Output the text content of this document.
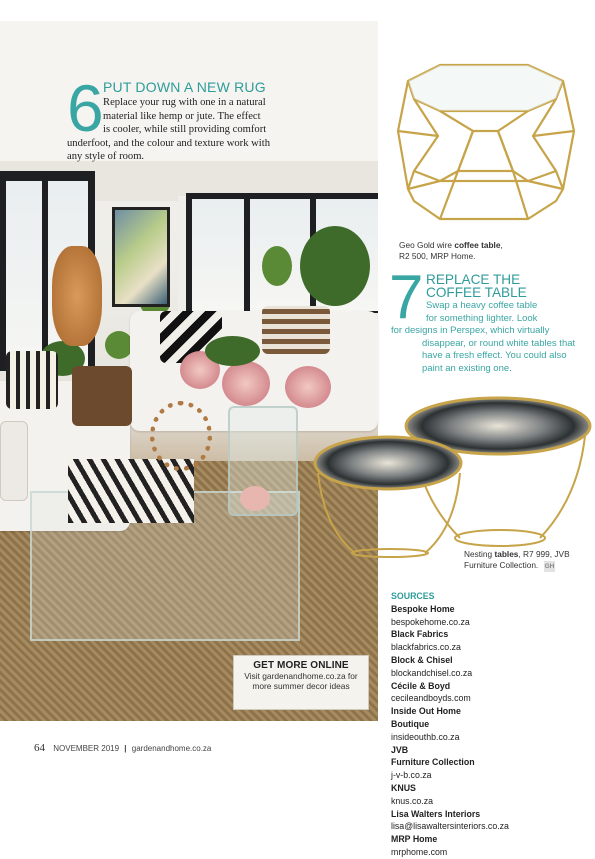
6 PUT DOWN A NEW RUG
Replace your rug with one in a natural
material like hemp or jute. The effect
is cooler, while still providing comfort
underfoot, and the colour and texture work with
any style of room.
Geo Gold wire coffee table,
R2 500, MRP Home.
7 REPLACE THE
COFFEE TABLE
Swap a heavy coffee table
for something lighter. Look
for designs in Perspex, which virtually
disappear, or round white tables that
have a fresh effect. You could also
paint an existing one.
Nesting tables, R7 999, JVB
Furniture Collection. GH
SOURCES
Bespoke Home
bespokehome.co.za
Black Fabrics
blackfabrics.co.za
Block & Chisel
blockandchisel.co.za
Cécile & Boyd
cecileandboyds.com
Inside Out Home
Boutique
insideouthb.co.za
JVB
Furniture Collection
j-v-b.co.za
KNUS
knus.co.za
Lisa Walters Interiors
lisa@lisawaltersinteriors.co.za
MRP Home
mrphome.com
GET MORE ONLINE
Visit gardenandhome.co.za for
more summer decor ideas
64 NOVEMBER 2019 | gardenandhome.co.za
